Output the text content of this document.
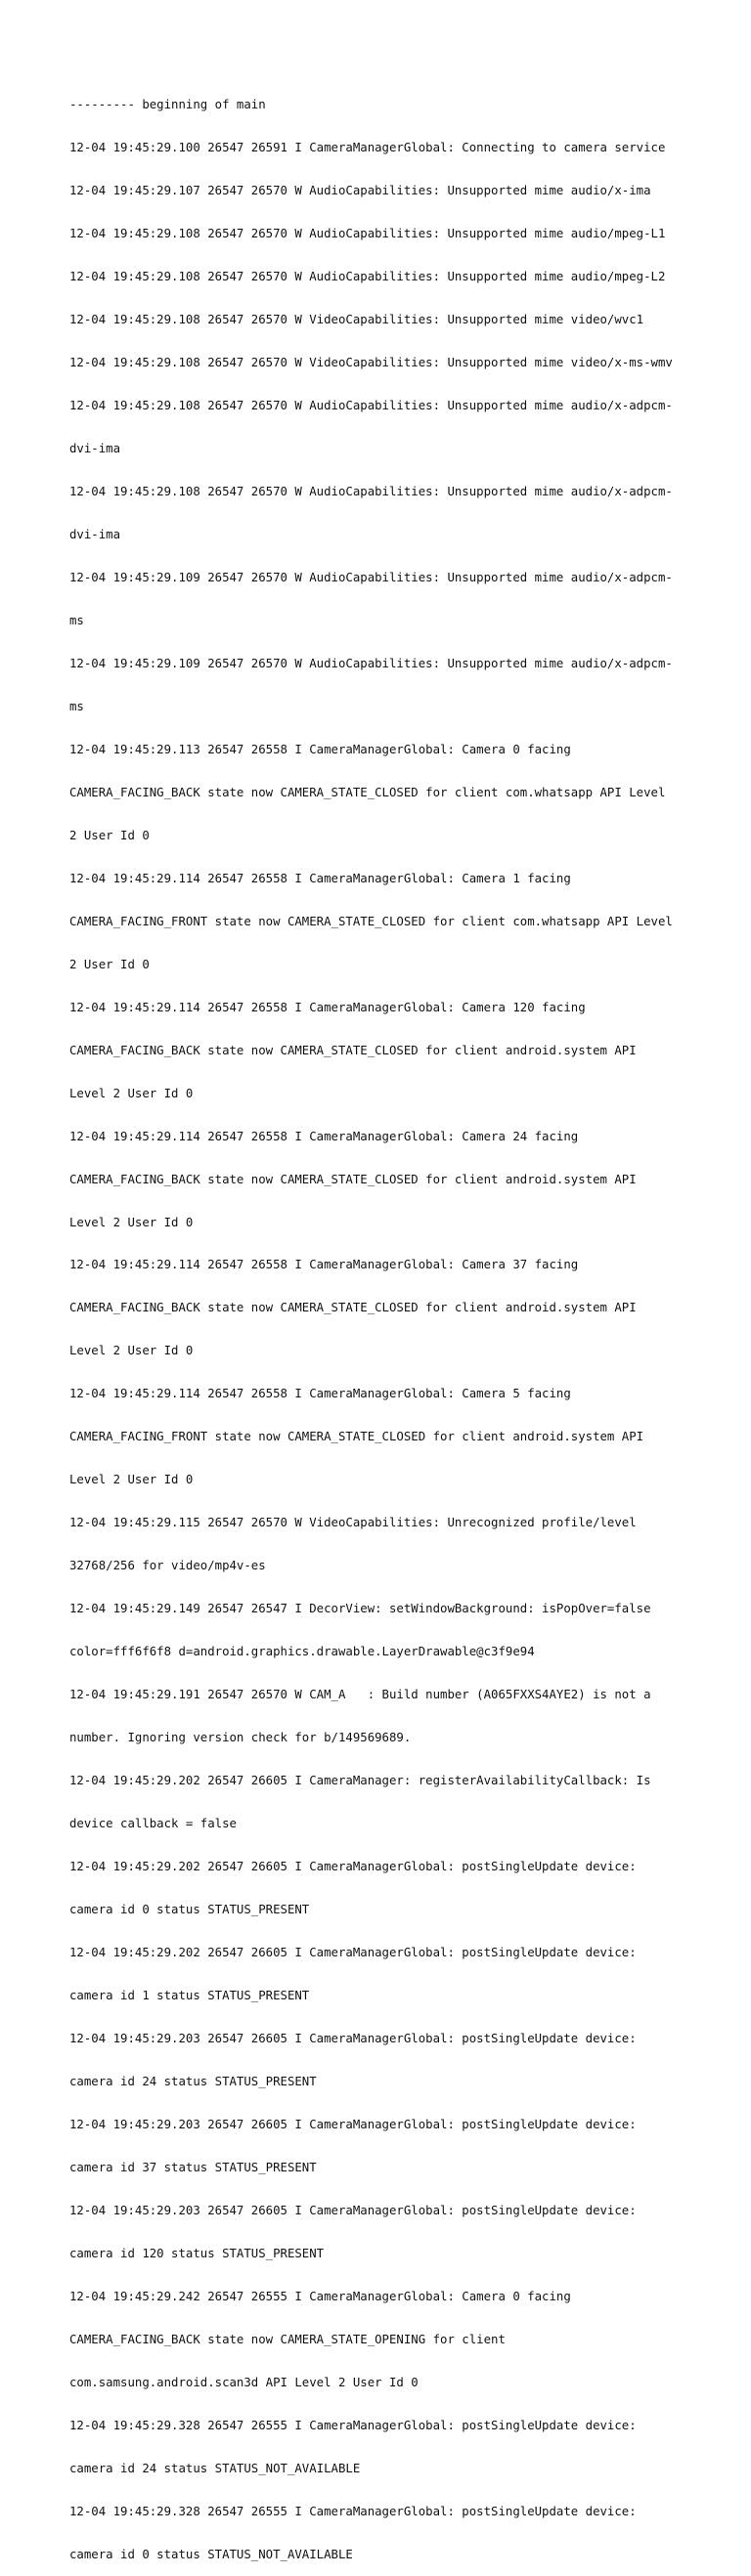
--------- beginning of main

12-04 19:45:29.100 26547 26591 I CameraManagerGlobal: Connecting to camera service

12-04 19:45:29.107 26547 26570 W AudioCapabilities: Unsupported mime audio/x-ima

12-04 19:45:29.108 26547 26570 W AudioCapabilities: Unsupported mime audio/mpeg-L1

12-04 19:45:29.108 26547 26570 W AudioCapabilities: Unsupported mime audio/mpeg-L2

12-04 19:45:29.108 26547 26570 W VideoCapabilities: Unsupported mime video/wvc1

12-04 19:45:29.108 26547 26570 W VideoCapabilities: Unsupported mime video/x-ms-wmv

12-04 19:45:29.108 26547 26570 W AudioCapabilities: Unsupported mime audio/x-adpcm-

dvi-ima

12-04 19:45:29.108 26547 26570 W AudioCapabilities: Unsupported mime audio/x-adpcm-

dvi-ima

12-04 19:45:29.109 26547 26570 W AudioCapabilities: Unsupported mime audio/x-adpcm-

ms

12-04 19:45:29.109 26547 26570 W AudioCapabilities: Unsupported mime audio/x-adpcm-

ms

12-04 19:45:29.113 26547 26558 I CameraManagerGlobal: Camera 0 facing

CAMERA_FACING_BACK state now CAMERA_STATE_CLOSED for client com.whatsapp API Level

2 User Id 0

12-04 19:45:29.114 26547 26558 I CameraManagerGlobal: Camera 1 facing

CAMERA_FACING_FRONT state now CAMERA_STATE_CLOSED for client com.whatsapp API Level

2 User Id 0

12-04 19:45:29.114 26547 26558 I CameraManagerGlobal: Camera 120 facing

CAMERA_FACING_BACK state now CAMERA_STATE_CLOSED for client android.system API

Level 2 User Id 0

12-04 19:45:29.114 26547 26558 I CameraManagerGlobal: Camera 24 facing

CAMERA_FACING_BACK state now CAMERA_STATE_CLOSED for client android.system API

Level 2 User Id 0

12-04 19:45:29.114 26547 26558 I CameraManagerGlobal: Camera 37 facing

CAMERA_FACING_BACK state now CAMERA_STATE_CLOSED for client android.system API

Level 2 User Id 0

12-04 19:45:29.114 26547 26558 I CameraManagerGlobal: Camera 5 facing

CAMERA_FACING_FRONT state now CAMERA_STATE_CLOSED for client android.system API

Level 2 User Id 0

12-04 19:45:29.115 26547 26570 W VideoCapabilities: Unrecognized profile/level

32768/256 for video/mp4v-es

12-04 19:45:29.149 26547 26547 I DecorView: setWindowBackground: isPopOver=false

color=fff6f6f8 d=android.graphics.drawable.LayerDrawable@c3f9e94

12-04 19:45:29.191 26547 26570 W CAM_A   : Build number (A065FXXS4AYE2) is not a

number. Ignoring version check for b/149569689.

12-04 19:45:29.202 26547 26605 I CameraManager: registerAvailabilityCallback: Is

device callback = false

12-04 19:45:29.202 26547 26605 I CameraManagerGlobal: postSingleUpdate device:

camera id 0 status STATUS_PRESENT

12-04 19:45:29.202 26547 26605 I CameraManagerGlobal: postSingleUpdate device:

camera id 1 status STATUS_PRESENT

12-04 19:45:29.203 26547 26605 I CameraManagerGlobal: postSingleUpdate device:

camera id 24 status STATUS_PRESENT

12-04 19:45:29.203 26547 26605 I CameraManagerGlobal: postSingleUpdate device:

camera id 37 status STATUS_PRESENT

12-04 19:45:29.203 26547 26605 I CameraManagerGlobal: postSingleUpdate device:

camera id 120 status STATUS_PRESENT

12-04 19:45:29.242 26547 26555 I CameraManagerGlobal: Camera 0 facing

CAMERA_FACING_BACK state now CAMERA_STATE_OPENING for client

com.samsung.android.scan3d API Level 2 User Id 0

12-04 19:45:29.328 26547 26555 I CameraManagerGlobal: postSingleUpdate device:

camera id 24 status STATUS_NOT_AVAILABLE

12-04 19:45:29.328 26547 26555 I CameraManagerGlobal: postSingleUpdate device:

camera id 0 status STATUS_NOT_AVAILABLE
